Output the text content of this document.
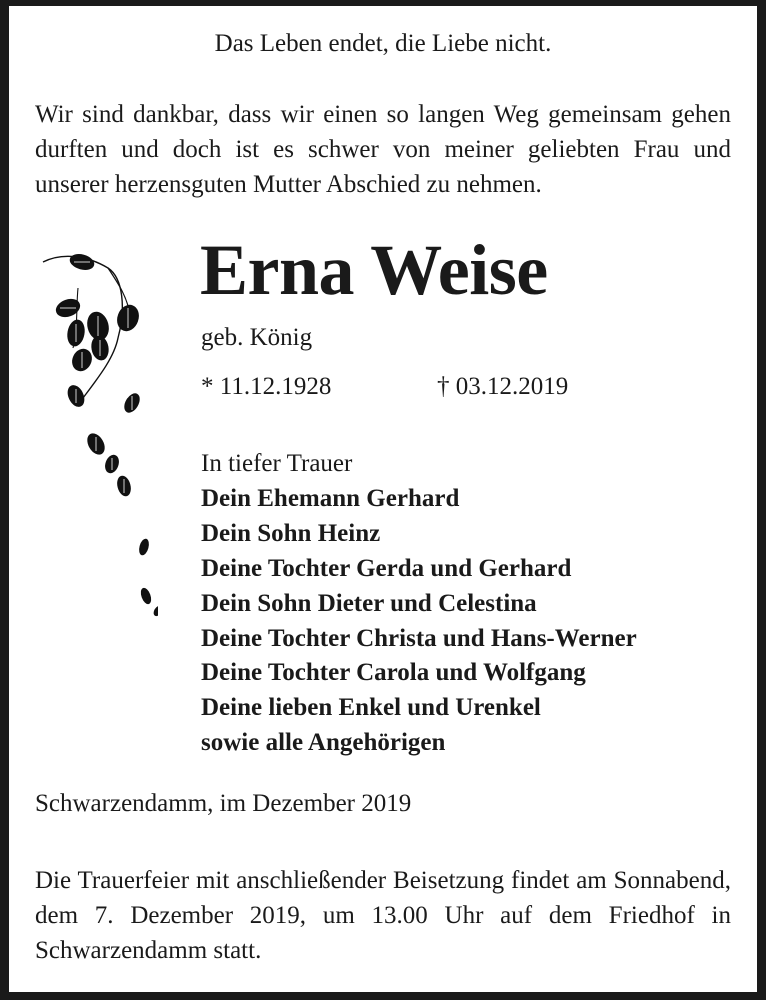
Das Leben endet, die Liebe nicht.
Wir sind dankbar, dass wir einen so langen Weg gemeinsam gehen durften und doch ist es schwer von meiner geliebten Frau und unserer herzensguten Mutter Abschied zu nehmen.
Erna Weise
geb. König
* 11.12.1928	† 03.12.2019
In tiefer Trauer
Dein Ehemann Gerhard
Dein Sohn Heinz
Deine Tochter Gerda und Gerhard
Dein Sohn Dieter und Celestina
Deine Tochter Christa und Hans-Werner
Deine Tochter Carola und Wolfgang
Deine lieben Enkel und Urenkel
sowie alle Angehörigen
Schwarzendamm, im Dezember 2019
Die Trauerfeier mit anschließender Beisetzung findet am Sonnabend, dem 7. Dezember 2019, um 13.00 Uhr auf dem Friedhof in Schwarzendamm statt.
